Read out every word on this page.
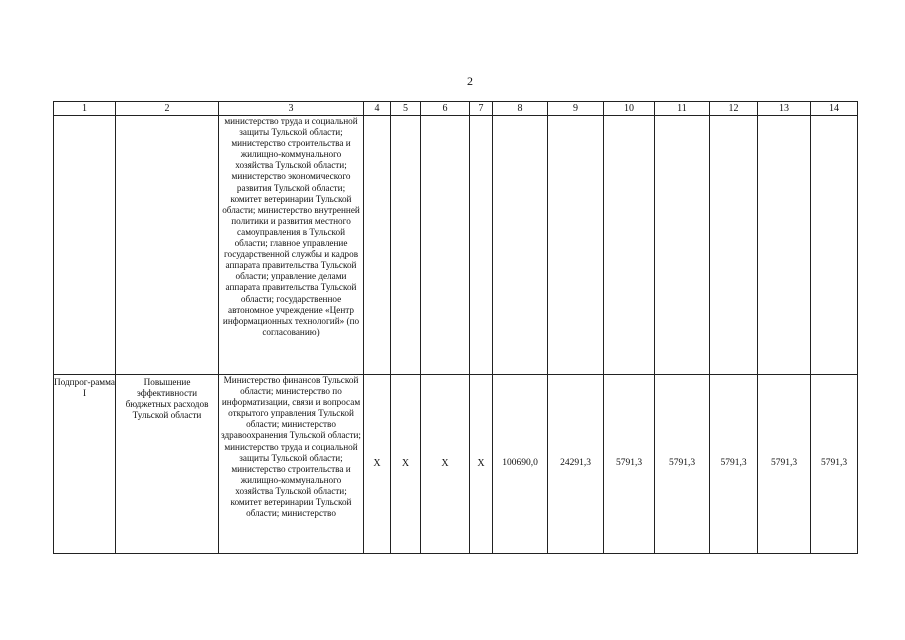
2
1	2	3	4	5	6	7	8	9	10	11	12	13	14
		министерство труда и социальной защиты Тульской области; министерство строительства и жилищно-коммунального хозяйства Тульской области; министерство экономического развития Тульской области; комитет ветеринарии Тульской области; министерство внутренней политики и развития местного самоуправления в Тульской области; главное управление государственной службы и кадров аппарата правительства Тульской области; управление делами аппарата правительства Тульской области; государственное автономное учреждение «Центр информационных технологий» (по согласованию)											
Подпрог-рамма I	Повышение эффективности бюджетных расходов Тульской области	Министерство финансов Тульской области; министерство по информатизации, связи и вопросам открытого управления Тульской области; министерство здравоохранения Тульской области; министерство труда и социальной защиты Тульской области; министерство строительства и жилищно-коммунального хозяйства Тульской области; комитет ветеринарии Тульской области; министерство	X	X	X	X	100690,0	24291,3	5791,3	5791,3	5791,3	5791,3	5791,3
